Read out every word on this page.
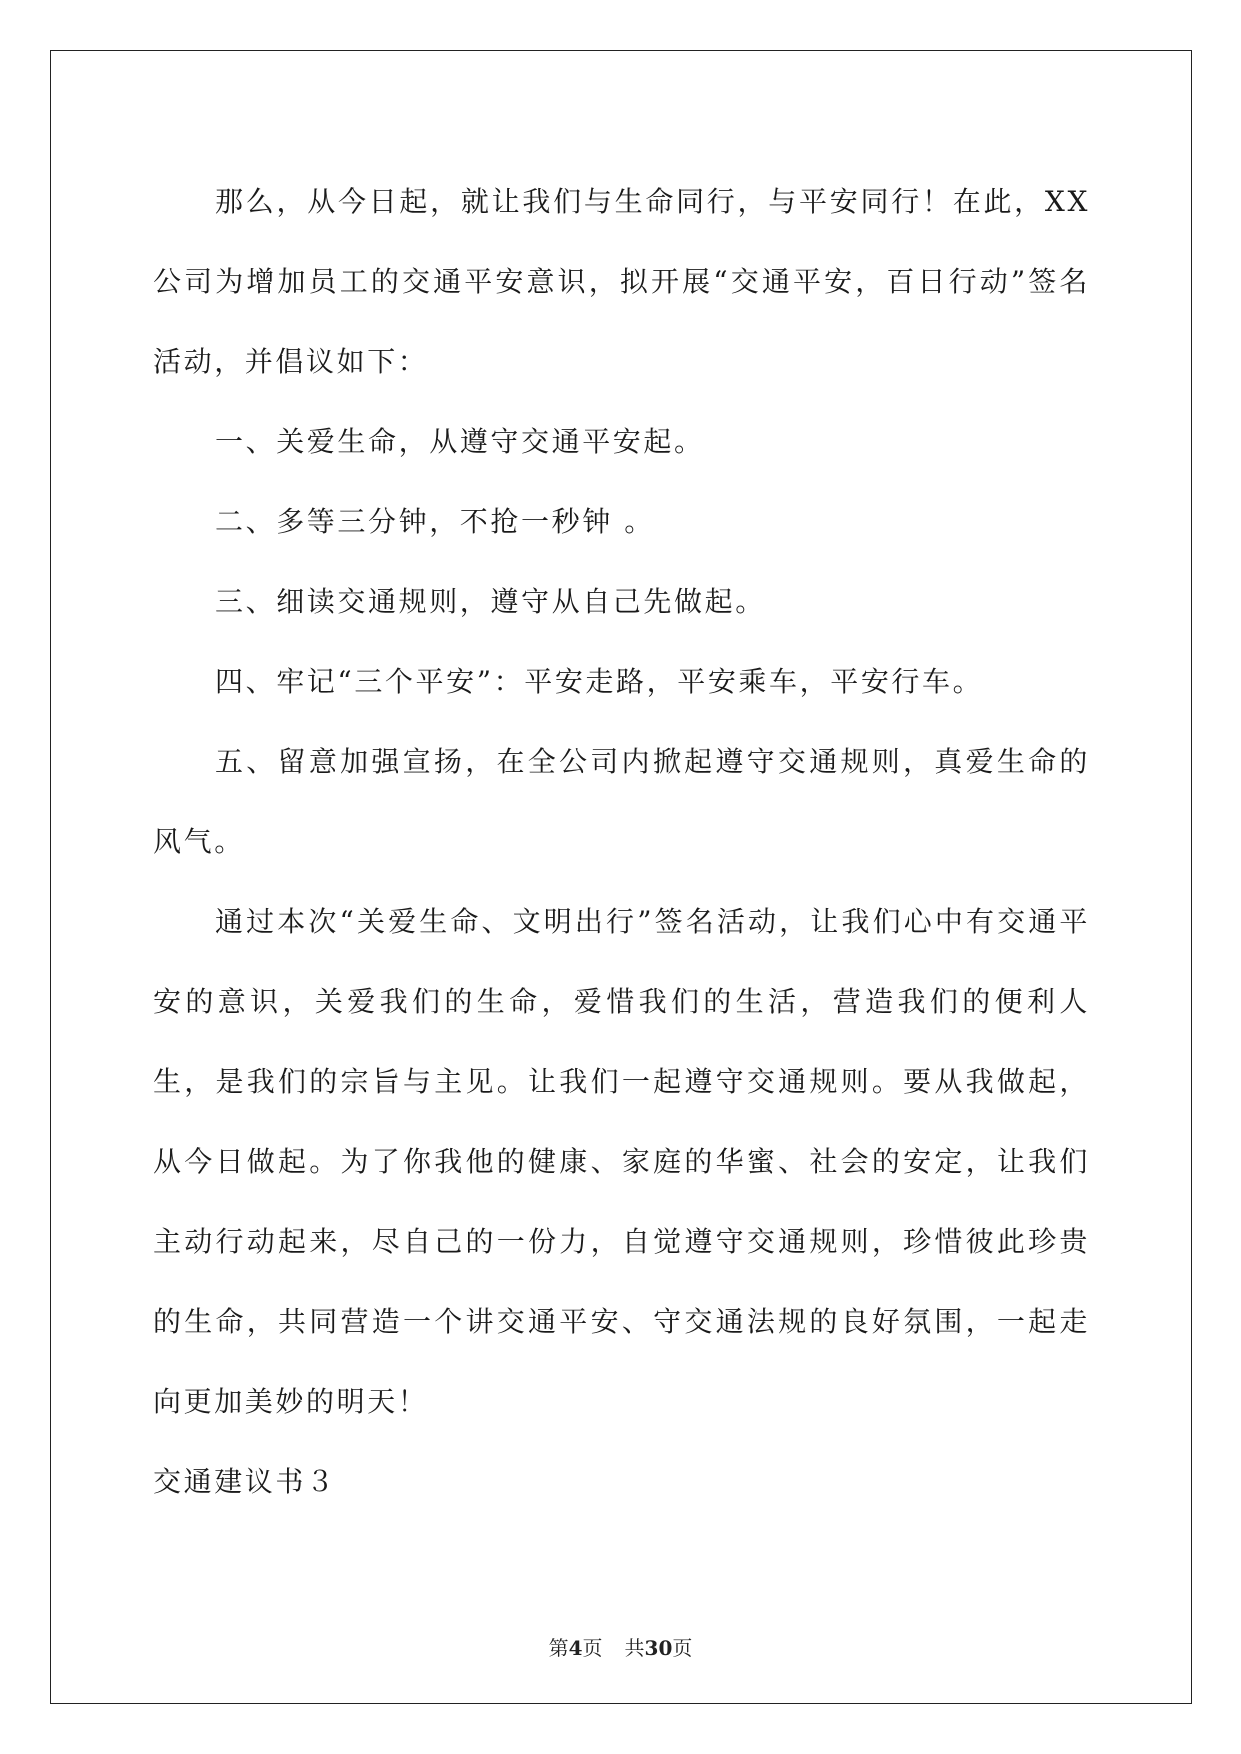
那么，从今日起，就让我们与生命同行，与平安同行！在此，XX公司为增加员工的交通平安意识，拟开展“交通平安，百日行动”签名活动，并倡议如下：

一、关爱生命，从遵守交通平安起。

二、多等三分钟，不抢一秒钟 。

三、细读交通规则，遵守从自己先做起。

四、牢记“三个平安”：平安走路，平安乘车，平安行车。

五、留意加强宣扬，在全公司内掀起遵守交通规则，真爱生命的风气。

通过本次“关爱生命、文明出行”签名活动，让我们心中有交通平安的意识，关爱我们的生命，爱惜我们的生活，营造我们的便利人生，是我们的宗旨与主见。让我们一起遵守交通规则。要从我做起，从今日做起。为了你我他的健康、家庭的华蜜、社会的安定，让我们主动行动起来，尽自己的一份力，自觉遵守交通规则，珍惜彼此珍贵的生命，共同营造一个讲交通平安、守交通法规的良好氛围，一起走向更加美妙的明天！

交通建议书３

第4页 共30页
